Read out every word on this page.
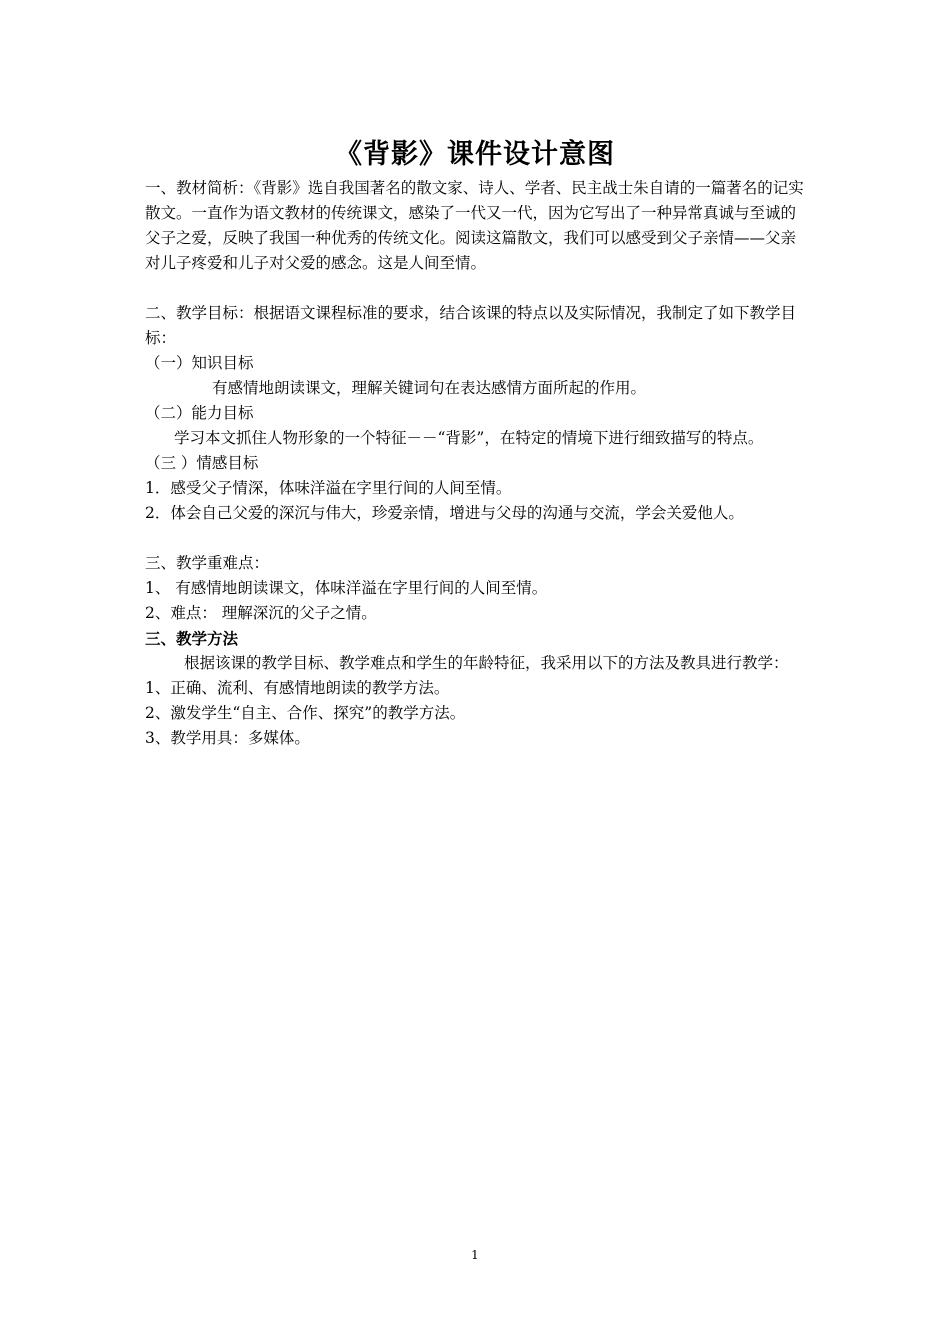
《背影》课件设计意图

一、教材简析：《背影》选自我国著名的散文家、诗人、学者、民主战士朱自请的一篇著名的记实散文。一直作为语文教材的传统课文，感染了一代又一代，因为它写出了一种异常真诚与至诚的父子之爱，反映了我国一种优秀的传统文化。阅读这篇散文，我们可以感受到父子亲情——父亲对儿子疼爱和儿子对父爱的感念。这是人间至情。

二、教学目标：根据语文课程标准的要求，结合该课的特点以及实际情况，我制定了如下教学目标：

（一）知识目标

有感情地朗读课文，理解关键词句在表达感情方面所起的作用。

（二）能力目标

学习本文抓住人物形象的一个特征－－“背影”，在特定的情境下进行细致描写的特点。

（三 ）情感目标

1．感受父子情深，体味洋溢在字里行间的人间至情。

2．体会自己父爱的深沉与伟大，珍爱亲情，增进与父母的沟通与交流，学会关爱他人。

三、教学重难点：

1、 有感情地朗读课文，体味洋溢在字里行间的人间至情。

2、难点： 理解深沉的父子之情。

三、教学方法

根据该课的教学目标、教学难点和学生的年龄特征，我采用以下的方法及教具进行教学：

1、正确、流利、有感情地朗读的教学方法。

2、激发学生“自主、合作、探究”的教学方法。

3、教学用具：多媒体。

1
